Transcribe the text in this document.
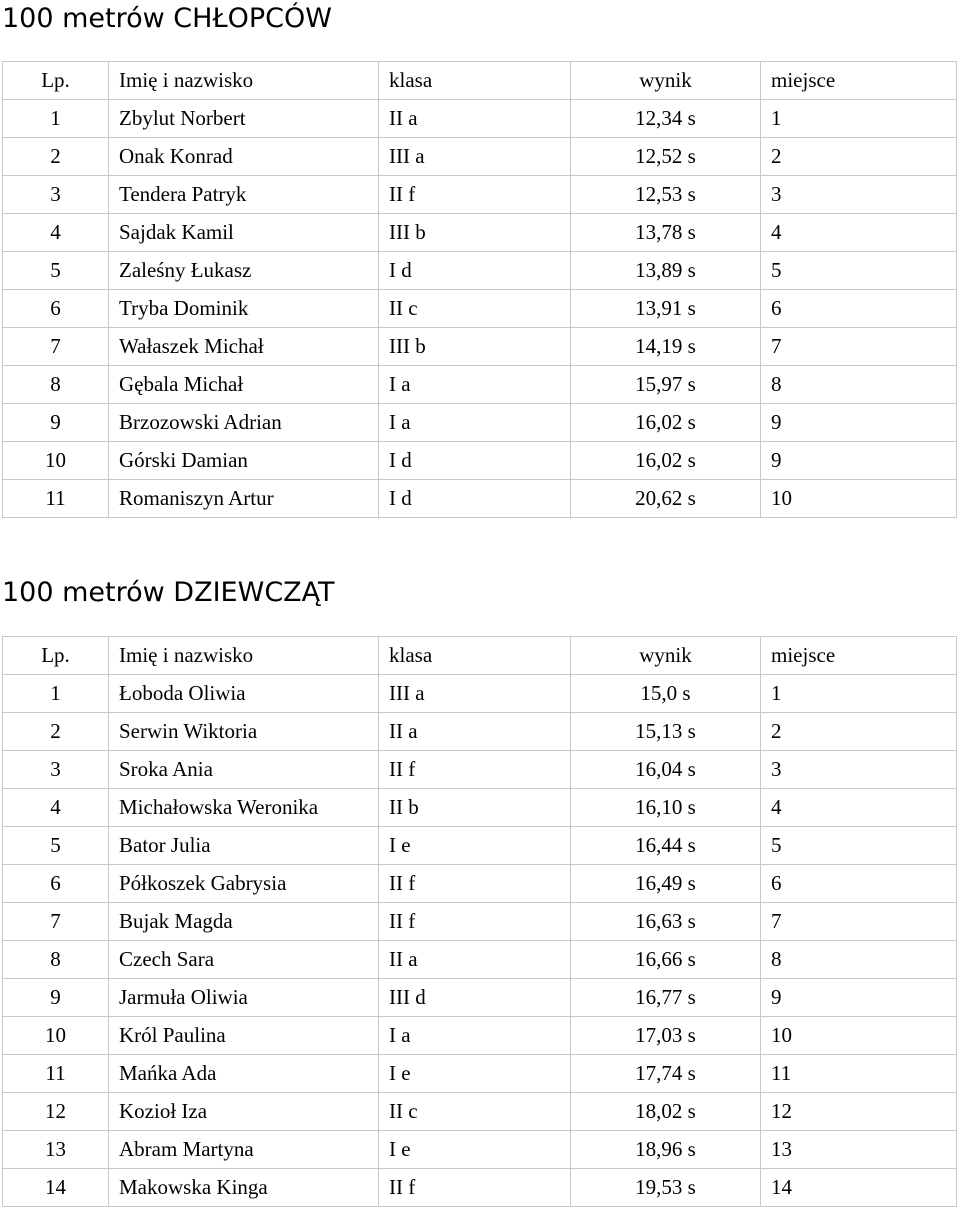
100 metrów CHŁOPCÓW
Lp.	Imię i nazwisko	klasa	wynik	miejsce
1	Zbylut Norbert	II a	12,34 s	1
2	Onak Konrad	III a	12,52 s	2
3	Tendera Patryk	II f	12,53 s	3
4	Sajdak Kamil	III b	13,78 s	4
5	Zaleśny Łukasz	I d	13,89 s	5
6	Tryba Dominik	II c	13,91 s	6
7	Wałaszek Michał	III b	14,19 s	7
8	Gębala Michał	I a	15,97 s	8
9	Brzozowski Adrian	I a	16,02 s	9
10	Górski Damian	I d	16,02 s	9
11	Romaniszyn Artur	I d	20,62 s	10
100 metrów DZIEWCZĄT
Lp.	Imię i nazwisko	klasa	wynik	miejsce
1	Łoboda Oliwia	III a	15,0 s	1
2	Serwin Wiktoria	II a	15,13 s	2
3	Sroka Ania	II f	16,04 s	3
4	Michałowska Weronika	II b	16,10 s	4
5	Bator Julia	I e	16,44 s	5
6	Półkoszek Gabrysia	II f	16,49 s	6
7	Bujak Magda	II f	16,63 s	7
8	Czech Sara	II a	16,66 s	8
9	Jarmuła Oliwia	III d	16,77 s	9
10	Król Paulina	I a	17,03 s	10
11	Mańka Ada	I e	17,74 s	11
12	Kozioł Iza	II c	18,02 s	12
13	Abram Martyna	I e	18,96 s	13
14	Makowska Kinga	II f	19,53 s	14
